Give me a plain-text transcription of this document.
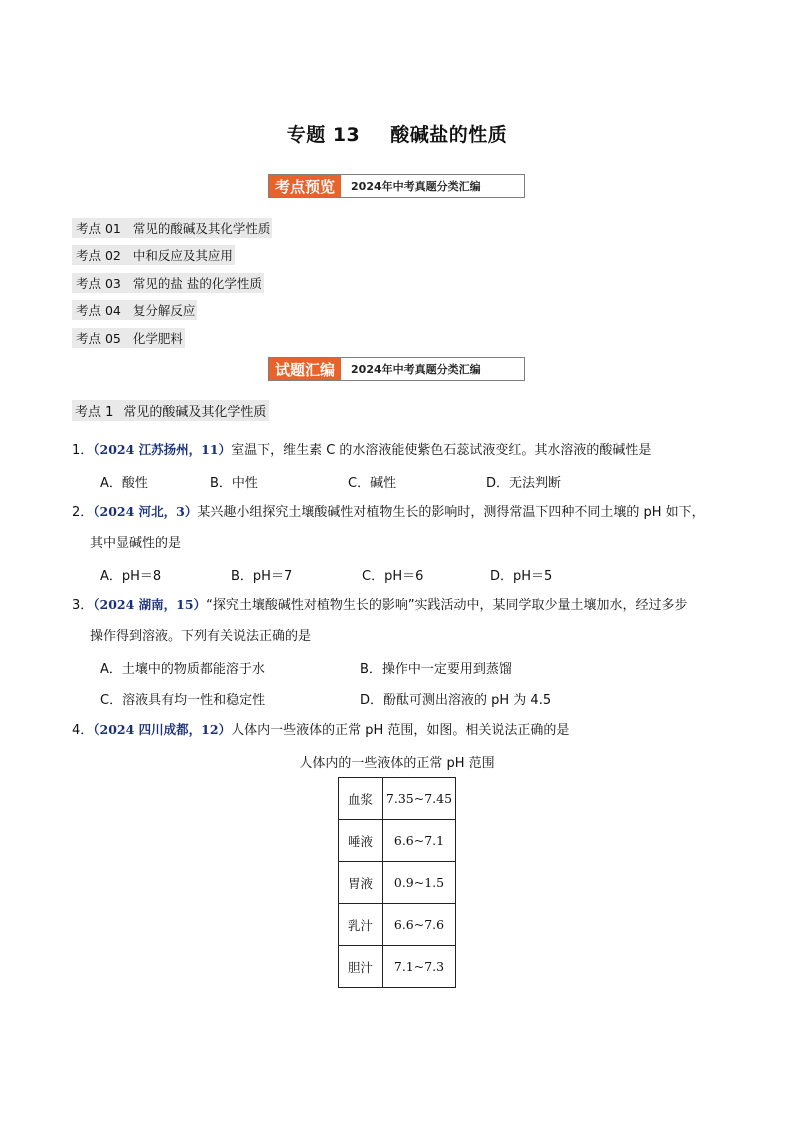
专题 13 酸碱盐的性质
考点预览	2024年中考真题分类汇编
考点 01 常见的酸碱及其化学性质
考点 02 中和反应及其应用
考点 03 常见的盐 盐的化学性质
考点 04 复分解反应
考点 05 化学肥料
试题汇编	2024年中考真题分类汇编
考点 1 常见的酸碱及其化学性质
1．（2024 江苏扬州，11）室温下，维生素 C 的水溶液能使紫色石蕊试液变红。其水溶液的酸碱性是
A．酸性	B．中性	C．碱性	D．无法判断
2．（2024 河北，3）某兴趣小组探究土壤酸碱性对植物生长的影响时，测得常温下四种不同土壤的 pH 如下，
其中显碱性的是
A．pH＝8	B．pH＝7	C．pH＝6	D．pH＝5
3．（2024 湖南，15）“探究土壤酸碱性对植物生长的影响”实践活动中，某同学取少量土壤加水，经过多步
操作得到溶液。下列有关说法正确的是
A．土壤中的物质都能溶于水	B．操作中一定要用到蒸馏
C．溶液具有均一性和稳定性	D．酚酞可测出溶液的 pH 为 4.5
4．（2024 四川成都，12）人体内一些液体的正常 pH 范围，如图。相关说法正确的是
人体内的一些液体的正常 pH 范围
血浆	7.35~7.45
唾液	6.6~7.1
胃液	0.9~1.5
乳汁	6.6~7.6
胆汁	7.1~7.3
